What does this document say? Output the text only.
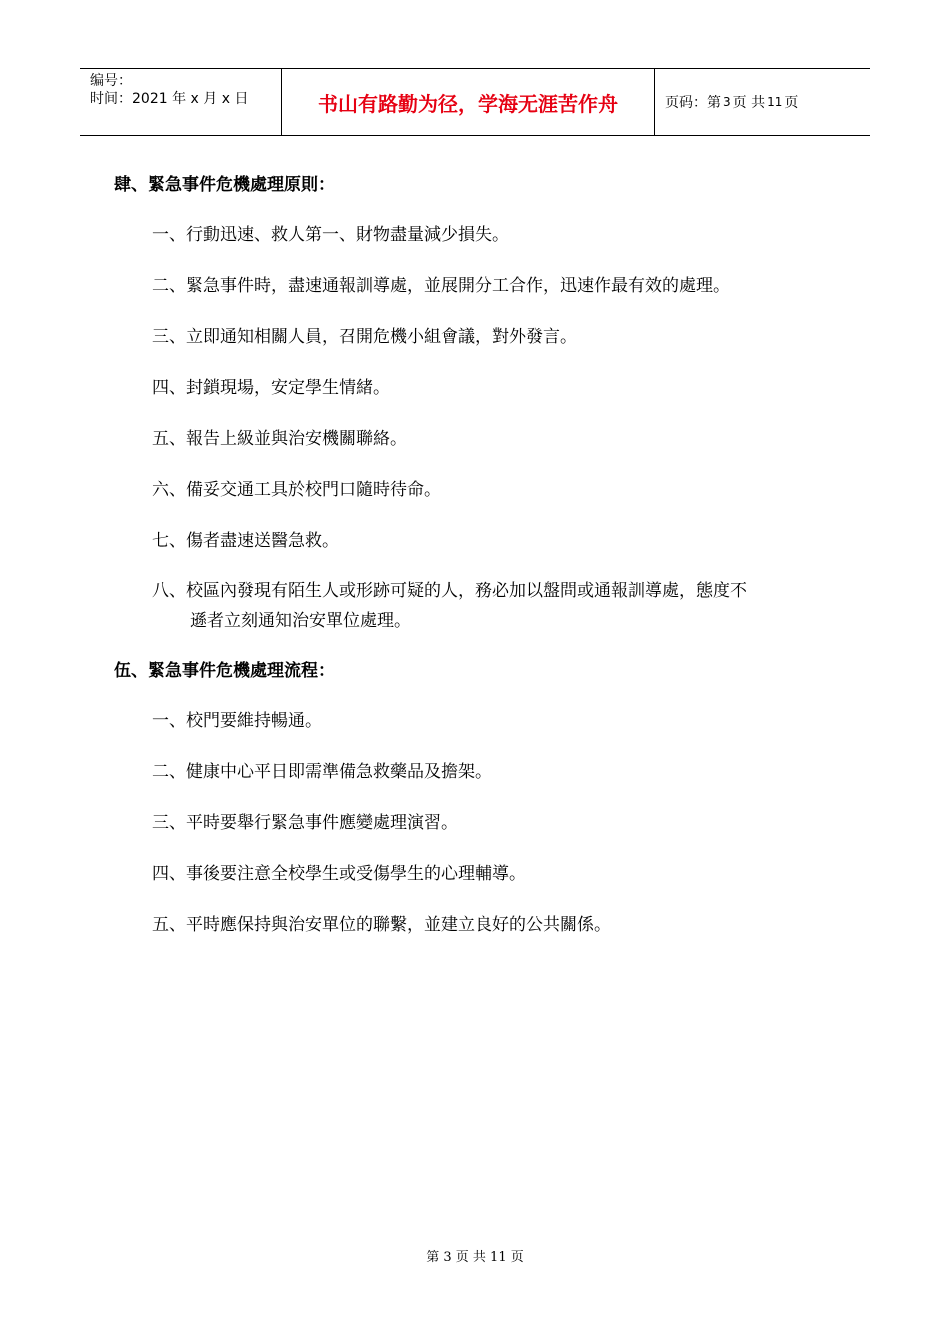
编号：
时间：2021 年 x 月 x 日	书山有路勤为径，学海无涯苦作舟	页码：第 3 页 共 11 页
肆、緊急事件危機處理原則：
一、行動迅速、救人第一、財物盡量減少損失。
二、緊急事件時，盡速通報訓導處，並展開分工合作，迅速作最有效的處理。
三、立即通知相關人員，召開危機小組會議，對外發言。
四、封鎖現場，安定學生情緒。
五、報告上級並與治安機關聯絡。
六、備妥交通工具於校門口隨時待命。
七、傷者盡速送醫急救。
八、校區內發現有陌生人或形跡可疑的人，務必加以盤問或通報訓導處，態度不
遜者立刻通知治安單位處理。
伍、緊急事件危機處理流程：
一、校門要維持暢通。
二、健康中心平日即需準備急救藥品及擔架。
三、平時要舉行緊急事件應變處理演習。
四、事後要注意全校學生或受傷學生的心理輔導。
五、平時應保持與治安單位的聯繫，並建立良好的公共關係。
第 3 页 共 11 页
